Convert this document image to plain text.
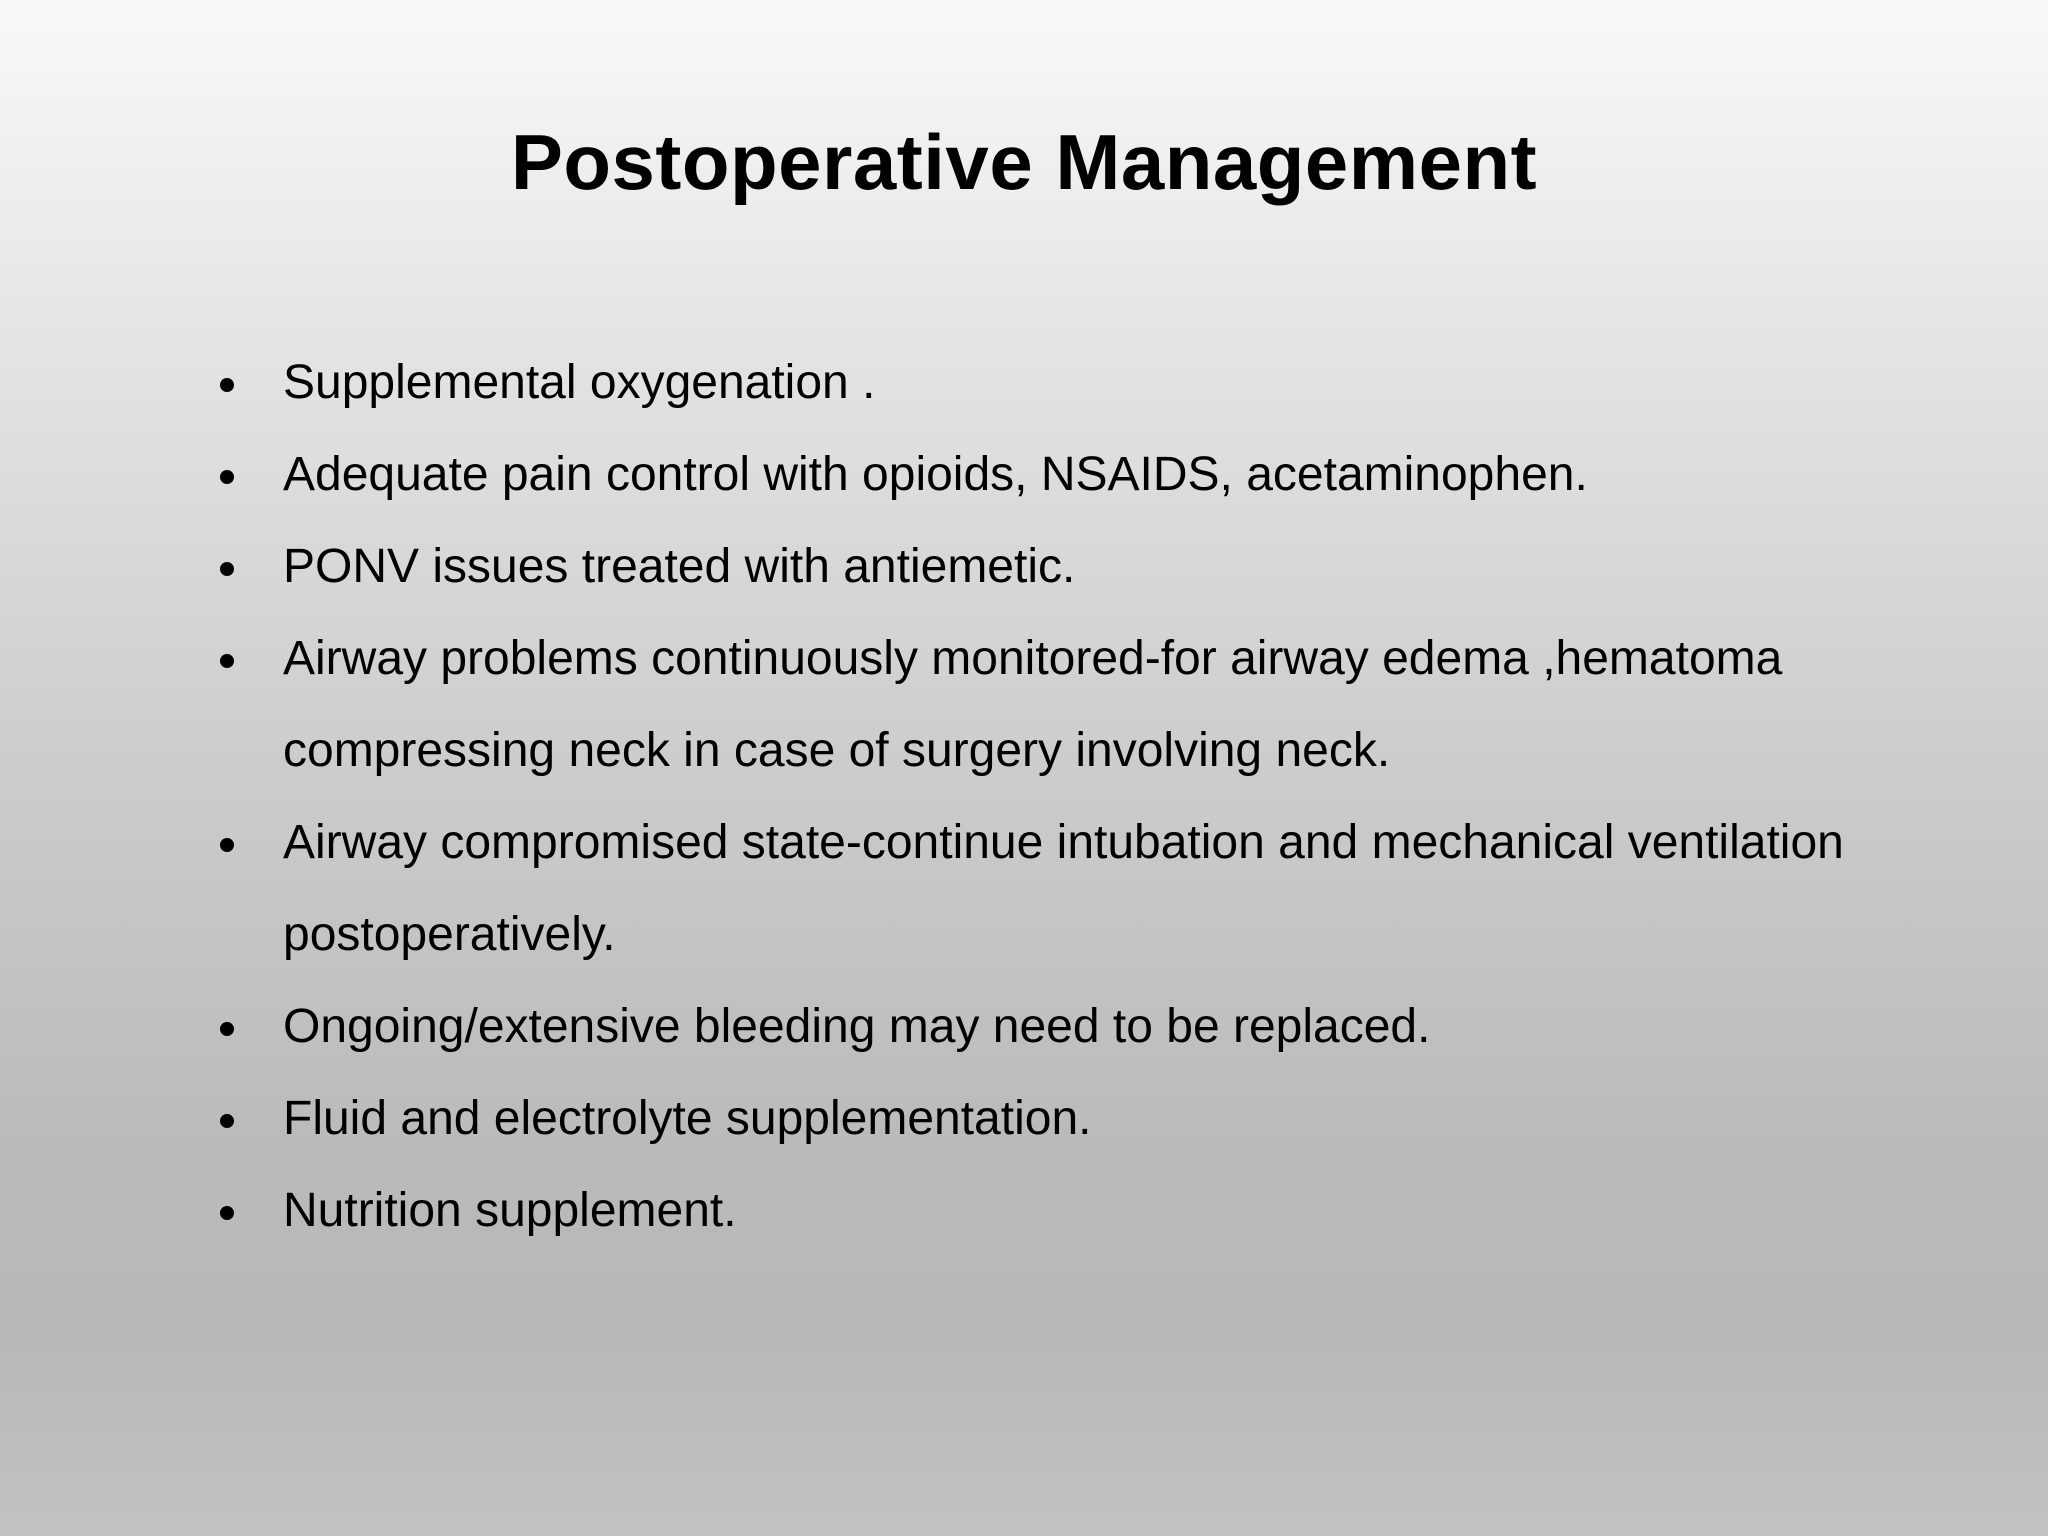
Postoperative Management
Supplemental oxygenation .
Adequate pain control with opioids, NSAIDS, acetaminophen.
PONV issues treated with antiemetic.
Airway problems continuously monitored-for airway edema ,hematoma compressing neck in case of surgery involving neck.
Airway compromised state-continue intubation and mechanical ventilation postoperatively.
Ongoing/extensive bleeding may need to be replaced.
Fluid and electrolyte supplementation.
Nutrition supplement.
